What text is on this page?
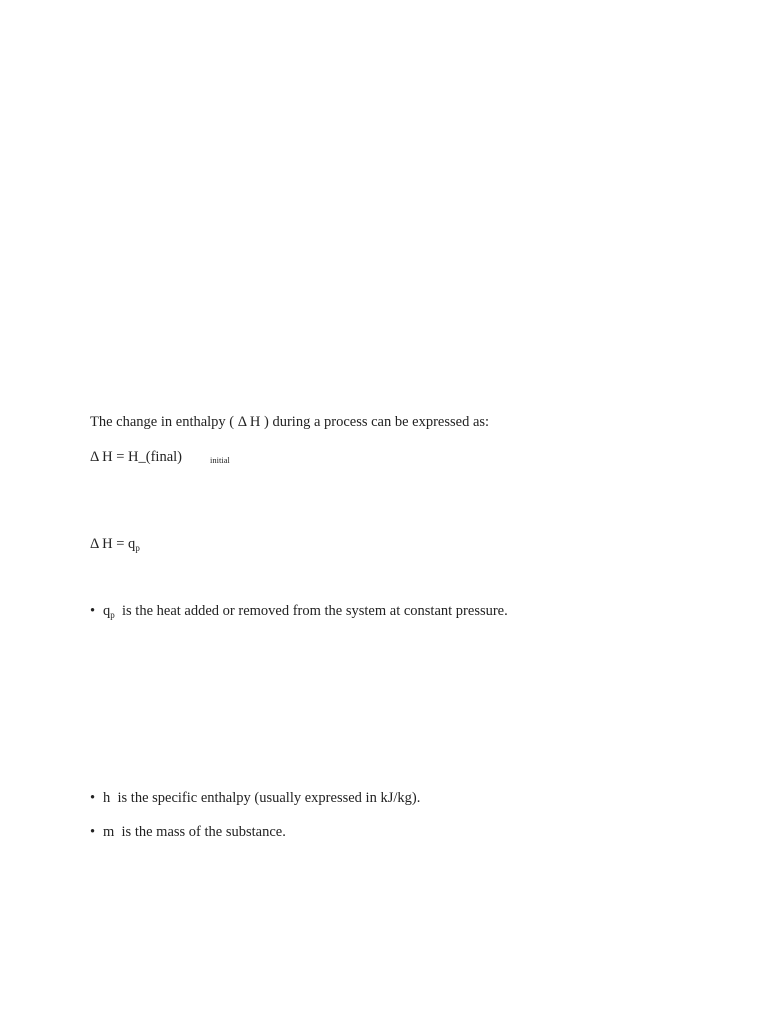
The change in enthalpy ( Δ H ) during a process can be expressed as:
Δ H = H_(final)	initial
Δ $H = q_p$
• $q_p$ is the heat added or removed from the system at constant pressure.
• h is the specific enthalpy (usually expressed in kJ/kg).
• m is the mass of the substance.
